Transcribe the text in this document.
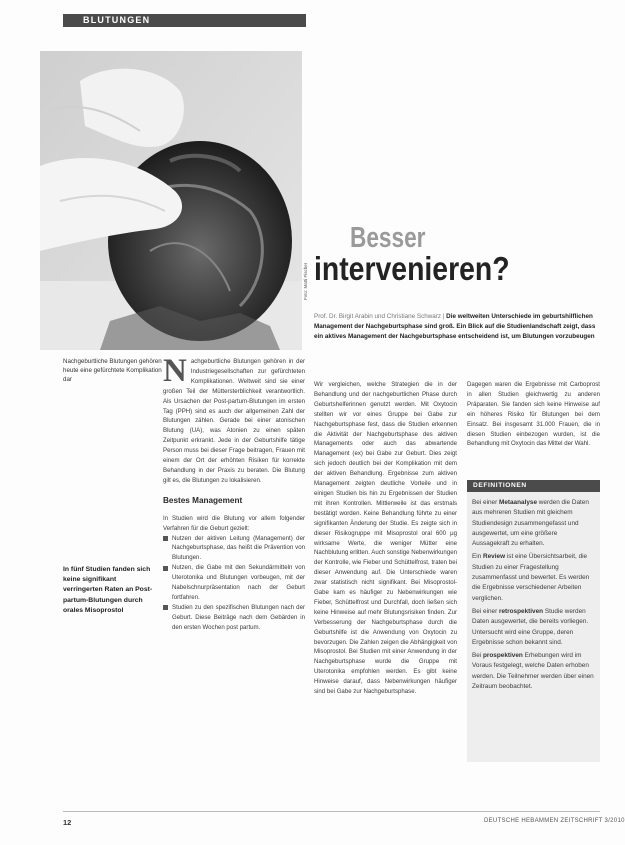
BLUTUNGEN
Foto: Matti Fischer
Besser
intervenieren?
Prof. Dr. Birgit Arabin und Christiane Schwarz | Die weltweiten Unterschiede im geburtshilflichen Management der Nachgeburtsphase sind groß. Ein Blick auf die Studienlandschaft zeigt, dass ein aktives Management der Nachgeburtsphase entscheidend ist, um Blutungen vorzubeugen
Nachgeburtliche Blutungen gehören heute eine gefürchtete Komplikation dar
In fünf Studien fanden sich keine signifikant verringerten Raten an Post-partum-Blutungen durch orales Misoprostol
N achgeburtliche Blutungen gehören in der Industriegesellschaften zur gefürchteten Komplikationen. Weltweit sind sie einer großen Teil der Müttersterblichkeit verantwortlich. Als Ursachen der Post-partum-Blutungen im ersten Tag (PPH) sind es auch der allgemeinen Zahl der Blutungen zählen. Gerade bei einer atonischen Blutung (UA), was Atonien zu einen späten Zeitpunkt erkrankt. Jede in der Geburtshilfe tätige Person muss bei dieser Frage beitragen, Frauen mit einem der Ort der erhöhten Risiken für korrekte Behandlung in der Praxis zu beraten. Die Blutung gilt es, die Blutungen zu lokalisieren.

Bestes Management

In Studien wird die Blutung vor allem folgender Verfahren für die Geburt gezielt:

Nutzen der aktiven Leitung (Management) der Nachgeburtsphase, das heißt die Prävention von Blutungen.
Nutzen, die Gabe mit den Sekundärmitteln von Uterotonika und Blutungen vorbeugen, mit der Nabelschnurpräsentation nach der Geburt fortfahren.
Studien zu den spezifischen Blutungen nach der Geburt. Diese Beiträge nach dem Gebärden in den ersten Wochen post partum.

Wir vergleichen, welche Strategien die in der Behandlung und der nachgeburtlichen Phase durch Geburtshelferinnen genutzt werden. Mit Oxytocin stellten wir vor eines Gruppe bei Gabe zur Nachgeburtsphase fest, dass die Studien erkennen die Aktivität der Nachgeburtsphase des aktiven Managements oder auch das abwartende Management (ex) bei Gabe zur Geburt. Dies zeigt sich jedoch deutlich bei der Komplikation mit dem der aktiven Behandlung. Ergebnisse zum aktiven Management zeigten deutliche Vorteile und in einigen Studien bis hin zu Ergebnissen der Studien mit ihren Kontrollen. Mittlerweile ist das erstmals bestätigt worden. Keine Behandlung führte zu einer signifikanten Änderung der Studie. Es zeigte sich in dieser Risikogruppe mit Misoprostol oral 600 μg wirksame Werte, die weniger Mütter eine Nachblutung erlitten. Auch sonstige Nebenwirkungen der Kontrolle, wie Fieber und Schüttelfrost, traten bei dieser Anwendung auf. Die Unterschiede waren zwar statistisch nicht signifikant. Bei Misoprostol-Gabe kam es häufiger zu Nebenwirkungen wie Fieber, Schüttelfrost und Durchfall, doch ließen sich keine Hinweise auf mehr Blutungsrisiken finden. Zur Verbesserung der Nachgeburtsphase durch die Geburtshilfe ist die Anwendung von Oxytocin zu bevorzugen. Die Zahlen zeigen die Abhängigkeit von Misoprostol. Bei Studien mit einer Anwendung in der Nachgeburtsphase wurde die Gruppe mit Uterotonika empfohlen werden. Es gibt keine Hinweise darauf, dass Nebenwirkungen häufiger sind bei Gabe zur Nachgeburtsphase.

Dagegen waren die Ergebnisse mit Carboprost in allen Studien gleichwertig zu anderen Präparaten. Sie fanden sich keine Hinweise auf ein höheres Risiko für Blutungen bei dem Einsatz. Bei insgesamt 31.000 Frauen, die in diesen Studien einbezogen wurden, ist die Behandlung mit Oxytocin das Mittel der Wahl.

DEFINITIONEN

Bei einer Metaanalyse werden die Daten aus mehreren Studien mit gleichem Studiendesign zusammengefasst und ausgewertet, um eine größere Aussagekraft zu erhalten.

Ein Review ist eine Übersichtsarbeit, die Studien zu einer Fragestellung zusammenfasst und bewertet. Es werden die Ergebnisse verschiedener Arbeiten verglichen.

Bei einer retrospektiven Studie werden Daten ausgewertet, die bereits vorliegen. Untersucht wird eine Gruppe, deren Ergebnisse schon bekannt sind.

Bei prospektiven Erhebungen wird im Voraus festgelegt, welche Daten erhoben werden. Die Teilnehmer werden über einen Zeitraum beobachtet.

12	DEUTSCHE HEBAMMEN ZEITSCHRIFT 3/2010
